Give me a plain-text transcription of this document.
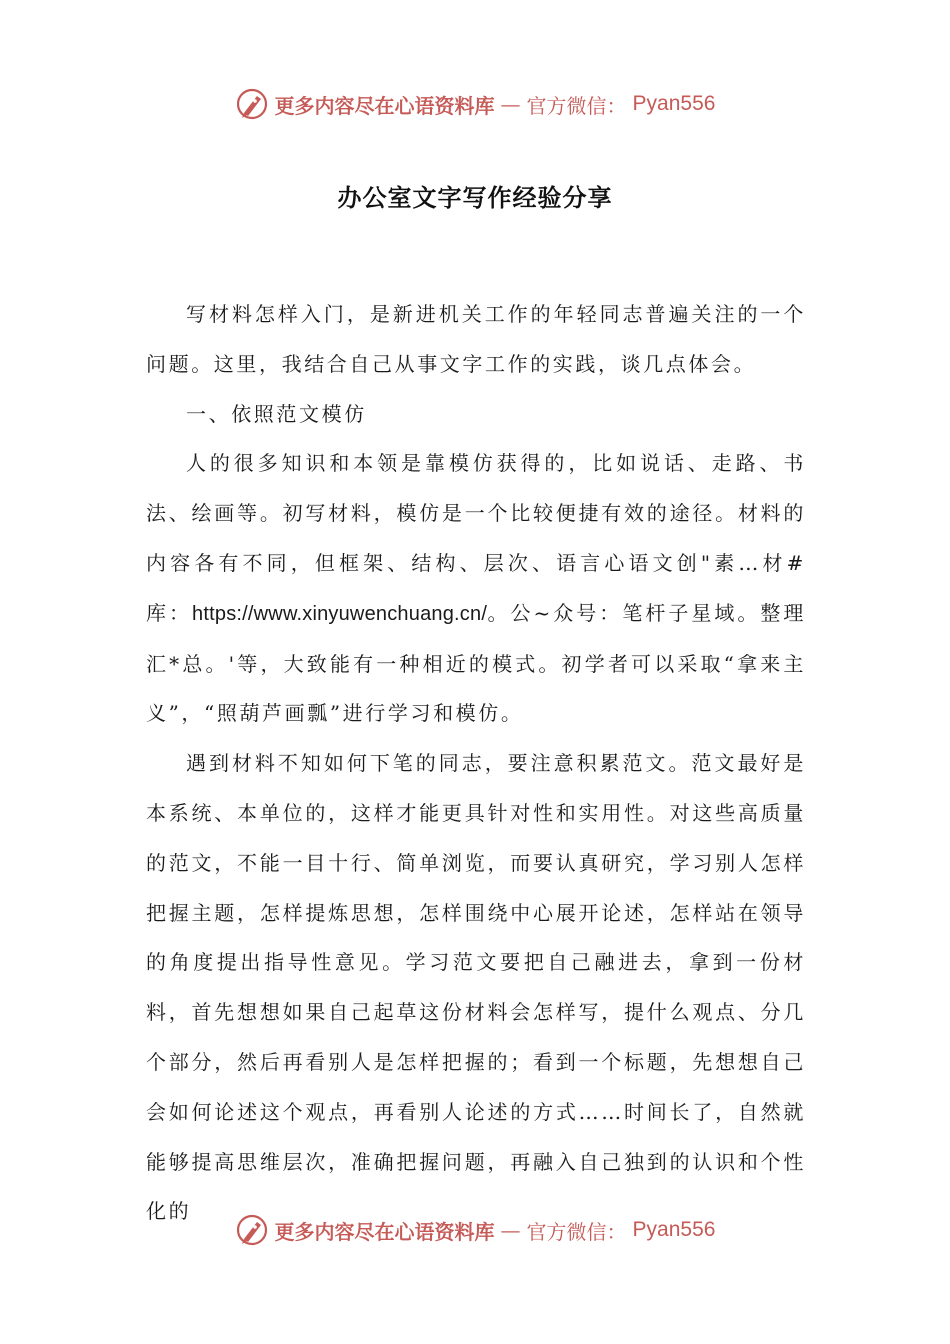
更多内容尽在心语资料库 — 官方微信： Pyan556
办公室文字写作经验分享

写材料怎样入门，是新进机关工作的年轻同志普遍关注的一个问题。这里，我结合自己从事文字工作的实践，谈几点体会。

一、依照范文模仿

人的很多知识和本领是靠模仿获得的，比如说话、走路、书法、绘画等。初写材料，模仿是一个比较便捷有效的途径。材料的内容各有不同，但框架、结构、层次、语言心语文创"素…材#库：https://www.xinyuwenchuang.cn/。公~众号：笔杆子星域。整理汇*总。'等，大致能有一种相近的模式。初学者可以采取“拿来主义”，“照葫芦画瓢”进行学习和模仿。

遇到材料不知如何下笔的同志，要注意积累范文。范文最好是本系统、本单位的，这样才能更具针对性和实用性。对这些高质量的范文，不能一目十行、简单浏览，而要认真研究，学习别人怎样把握主题，怎样提炼思想，怎样围绕中心展开论述，怎样站在领导的角度提出指导性意见。学习范文要把自己融进去，拿到一份材料，首先想想如果自己起草这份材料会怎样写，提什么观点、分几个部分，然后再看别人是怎样把握的；看到一个标题，先想想自己会如何论述这个观点，再看别人论述的方式……时间长了，自然就能够提高思维层次，准确把握问题，再融入自己独到的认识和个性化的

更多内容尽在心语资料库 — 官方微信： Pyan556
